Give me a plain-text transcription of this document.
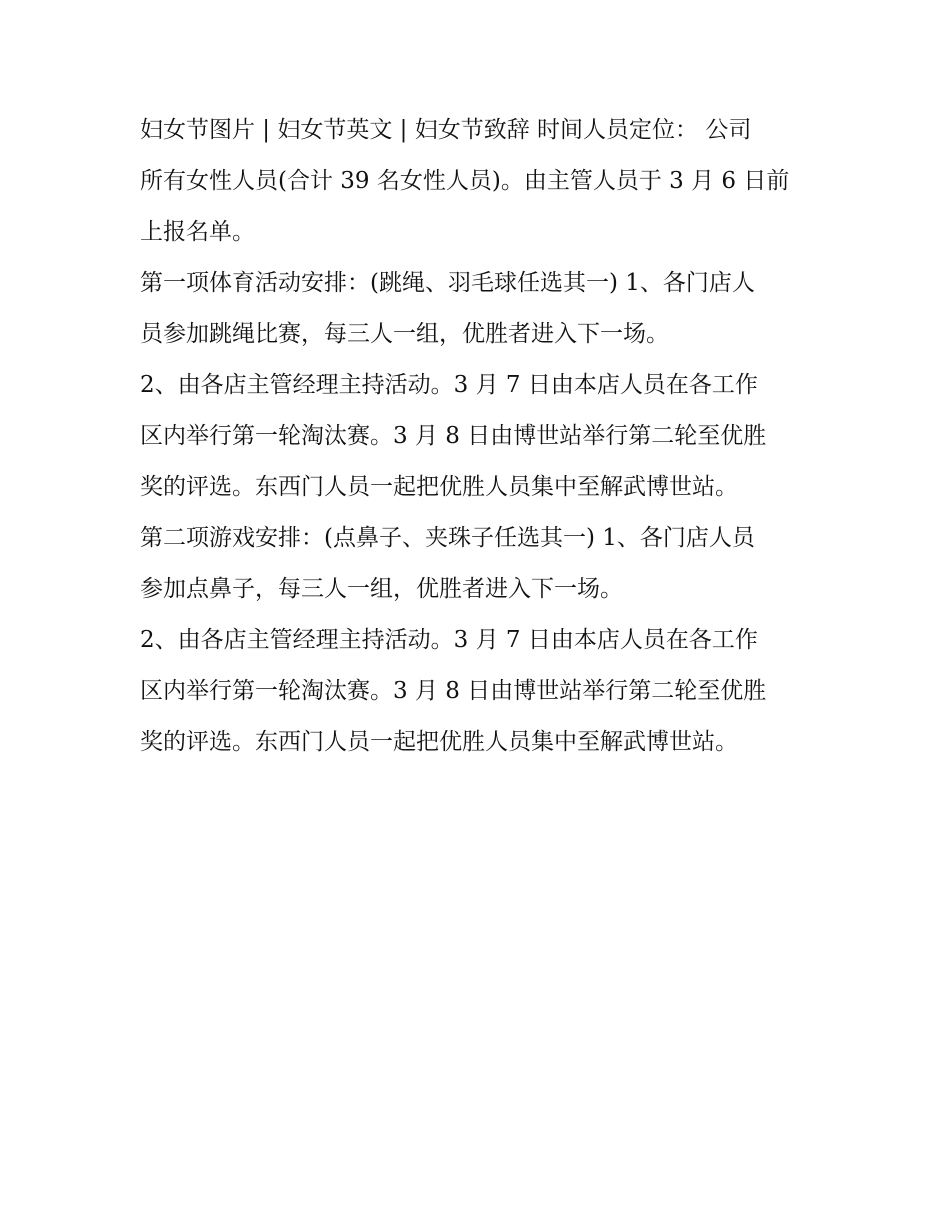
妇女节图片 | 妇女节英文 | 妇女节致辞 时间人员定位： 公司
所有女性人员(合计 39 名女性人员)。由主管人员于 3 月 6 日前
上报名单。
第一项体育活动安排：(跳绳、羽毛球任选其一) 1、各门店人
员参加跳绳比赛，每三人一组，优胜者进入下一场。
2、由各店主管经理主持活动。3 月 7 日由本店人员在各工作
区内举行第一轮淘汰赛。3 月 8 日由博世站举行第二轮至优胜
奖的评选。东西门人员一起把优胜人员集中至解武博世站。
第二项游戏安排：(点鼻子、夹珠子任选其一) 1、各门店人员
参加点鼻子，每三人一组，优胜者进入下一场。
2、由各店主管经理主持活动。3 月 7 日由本店人员在各工作
区内举行第一轮淘汰赛。3 月 8 日由博世站举行第二轮至优胜
奖的评选。东西门人员一起把优胜人员集中至解武博世站。
